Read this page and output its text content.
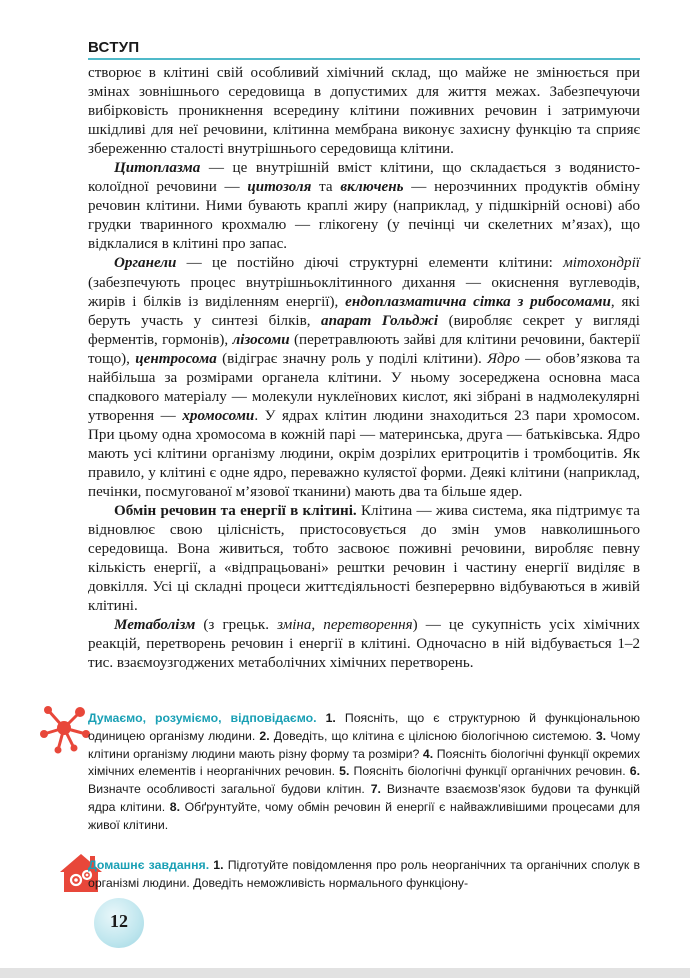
ВСТУП

створює в клітині свій особливий хімічний склад, що майже не змінюється при змінах зовнішнього середовища в допустимих для життя межах. Забезпечуючи вибірковість проникнення всередину клітини поживних речовин і затримуючи шкідливі для неї речовини, клітинна мембрана виконує захисну функцію та сприяє збереженню сталості внутрішнього середовища клітини.

Цитоплазма — це внутрішній вміст клітини, що складається з водянисто-колоїдної речовини — цитозоля та включень — нерозчинних продуктів обміну речовин клітини. Ними бувають краплі жиру (наприклад, у підшкірній основі) або грудки тваринного крохмалю — глікогену (у печінці чи скелетних м’язах), що відклалися в клітині про запас.

Органели — це постійно діючі структурні елементи клітини: мітохондрії (забезпечують процес внутрішньоклітинного дихання — окиснення вуглеводів, жирів і білків із виділенням енергії), ендоплазматична сітка з рибосомами, які беруть участь у синтезі білків, апарат Гольджі (виробляє секрет у вигляді ферментів, гормонів), лізосоми (перетравлюють зайві для клітини речовини, бактерії тощо), центросома (відіграє значну роль у поділі клітини). Ядро — обов’язкова та найбільша за розмірами органела клітини. У ньому зосереджена основна маса спадкового матеріалу — молекули нуклеїнових кислот, які зібрані в надмолекулярні утворення — хромосоми. У ядрах клітин людини знаходиться 23 пари хромосом. При цьому одна хромосома в кожній парі — материнська, друга — батьківська. Ядро мають усі клітини організму людини, окрім дозрілих еритроцитів і тромбоцитів. Як правило, у клітині є одне ядро, переважно кулястої форми. Деякі клітини (наприклад, печінки, посмугованої м’язової тканини) мають два та більше ядер.

Обмін речовин та енергії в клітині. Клітина — жива система, яка підтримує та відновлює свою цілісність, пристосовується до змін умов навколишнього середовища. Вона живиться, тобто засвоює поживні речовини, виробляє певну кількість енергії, а «відпрацьовані» рештки речовин і частину енергії виділяє в довкілля. Усі ці складні процеси життєдіяльності безперервно відбуваються в живій клітині.

Метаболізм (з грецьк. зміна, перетворення) — це сукупність усіх хімічних реакцій, перетворень речовин і енергії в клітині. Одночасно в ній відбувається 1–2 тис. взаємоузгоджених метаболічних хімічних перетворень.

Думаємо, розуміємо, відповідаємо. 1. Поясніть, що є структурною й функціональною одиницею організму людини. 2. Доведіть, що клітина є цілісною біологічною системою. 3. Чому клітини організму людини мають різну форму та розміри? 4. Поясніть біологічні функції окремих хімічних елементів і неорганічних речовин. 5. Поясніть біологічні функції органічних речовин. 6. Визначте особливості загальної будови клітин. 7. Визначте взаємозв’язок будови та функцій ядра клітини. 8. Обґрунтуйте, чому обмін речовин й енергії є найважливішими процесами для живої клітини.
Домашнє завдання. 1. Підготуйте повідомлення про роль неорганічних та органічних сполук в організмі людини. Доведіть неможливість нормального функціону-
12
